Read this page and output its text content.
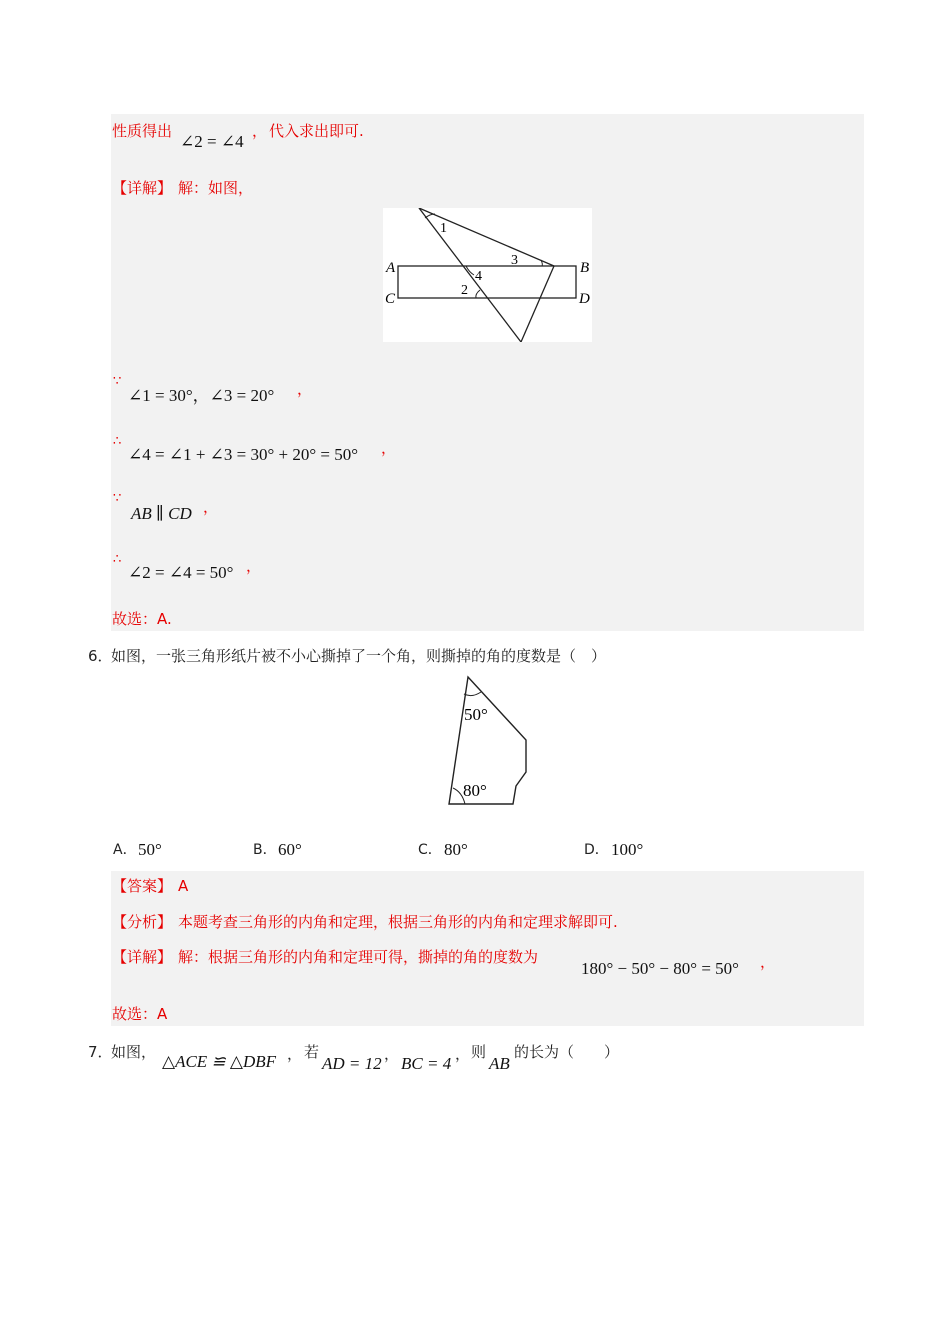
性质得出
∠2 = ∠4
， 代入求出即可.
【详解】 解：如图，
A	B
C	D
1
3
4
2
∵
∠1 = 30°，∠3 = 20° ，
∴
∠4 = ∠1 + ∠3 = 30° + 20° = 50° ，
∵
AB ∥ CD ，
∴
∠2 = ∠4 = 50° ，
故选：A.
6．
如图，一张三角形纸片被不小心撕掉了一个角，则撕掉的角的度数是（　）
50°
80°
A． 50°	B． 60°	C． 80°	D． 100°
【答案】 A
【分析】 本题考查三角形的内角和定理，根据三角形的内角和定理求解即可.
【详解】 解：根据三角形的内角和定理可得，撕掉的角的度数为
180° − 50° − 80° = 50° ，
故选：A
7．
如图， △ACE ≌ △DBF ， 若
AD = 12 ， BC = 4 ， 则
AB
的长为（　　）
